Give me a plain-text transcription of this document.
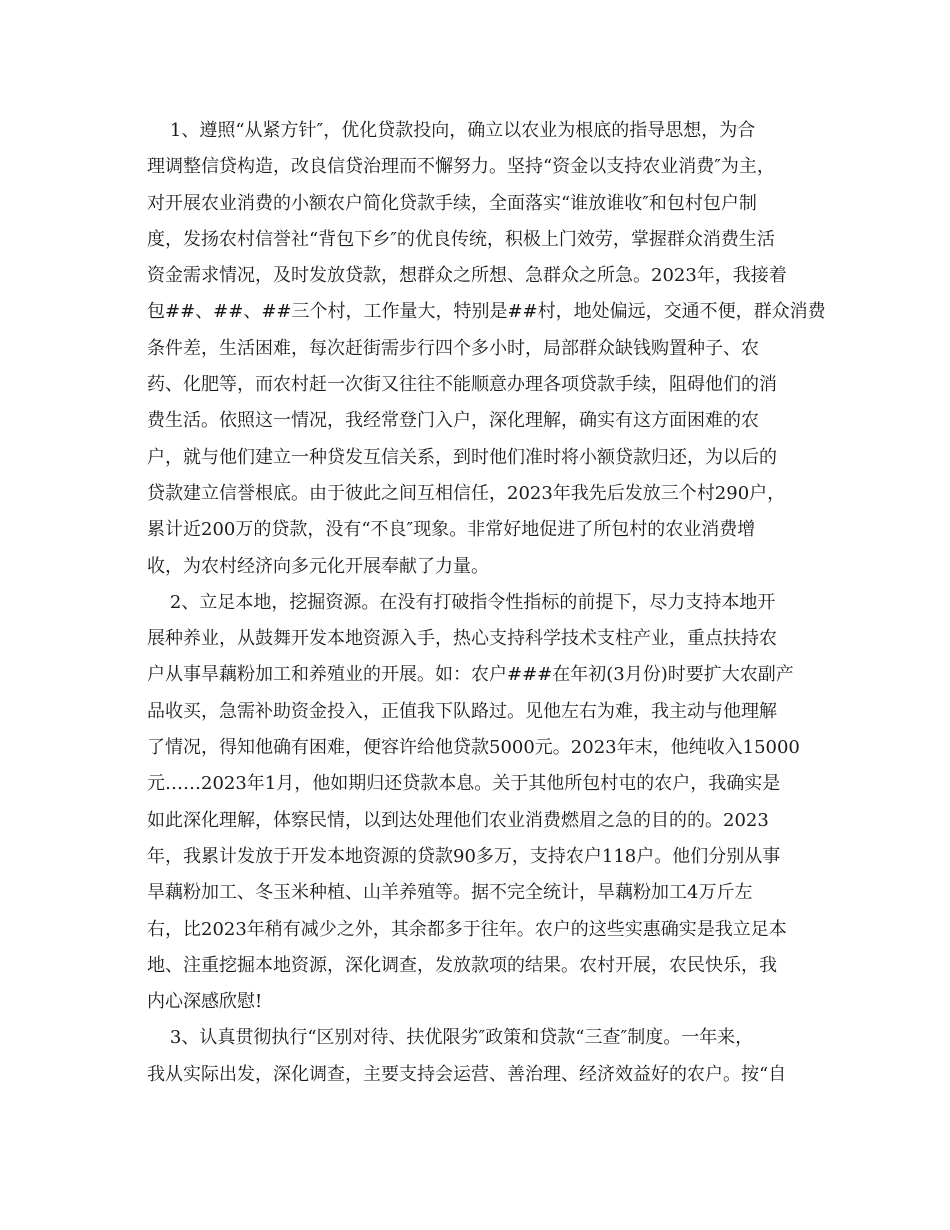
1、遵照“从紧方针″，优化贷款投向，确立以农业为根底的指导思想，为合
理调整信贷构造，改良信贷治理而不懈努力。坚持“资金以支持农业消费″为主，
对开展农业消费的小额农户简化贷款手续，全面落实“谁放谁收″和包村包户制
度，发扬农村信誉社“背包下乡″的优良传统，积极上门效劳，掌握群众消费生活
资金需求情况，及时发放贷款，想群众之所想、急群众之所急。2023年，我接着
包##、##、##三个村，工作量大，特别是##村，地处偏远，交通不便，群众消费
条件差，生活困难，每次赶街需步行四个多小时，局部群众缺钱购置种子、农
药、化肥等，而农村赶一次街又往往不能顺意办理各项贷款手续，阻碍他们的消
费生活。依照这一情况，我经常登门入户，深化理解，确实有这方面困难的农
户，就与他们建立一种贷发互信关系，到时他们准时将小额贷款归还，为以后的
贷款建立信誉根底。由于彼此之间互相信任，2023年我先后发放三个村290户，
累计近200万的贷款，没有“不良″现象。非常好地促进了所包村的农业消费增
收，为农村经济向多元化开展奉献了力量。
2、立足本地，挖掘资源。在没有打破指令性指标的前提下，尽力支持本地开
展种养业，从鼓舞开发本地资源入手，热心支持科学技术支柱产业，重点扶持农
户从事旱藕粉加工和养殖业的开展。如：农户###在年初(3月份)时要扩大农副产
品收买，急需补助资金投入，正值我下队路过。见他左右为难，我主动与他理解
了情况，得知他确有困难，便容许给他贷款5000元。2023年末，他纯收入15000
元……2023年1月，他如期归还贷款本息。关于其他所包村屯的农户，我确实是
如此深化理解，体察民情，以到达处理他们农业消费燃眉之急的目的的。2023
年，我累计发放于开发本地资源的贷款90多万，支持农户118户。他们分别从事
旱藕粉加工、冬玉米种植、山羊养殖等。据不完全统计，旱藕粉加工4万斤左
右，比2023年稍有减少之外，其余都多于往年。农户的这些实惠确实是我立足本
地、注重挖掘本地资源，深化调查，发放款项的结果。农村开展，农民快乐，我
内心深感欣慰!
3、认真贯彻执行“区别对待、扶优限劣″政策和贷款“三查″制度。一年来，
我从实际出发，深化调查，主要支持会运营、善治理、经济效益好的农户。按“自
